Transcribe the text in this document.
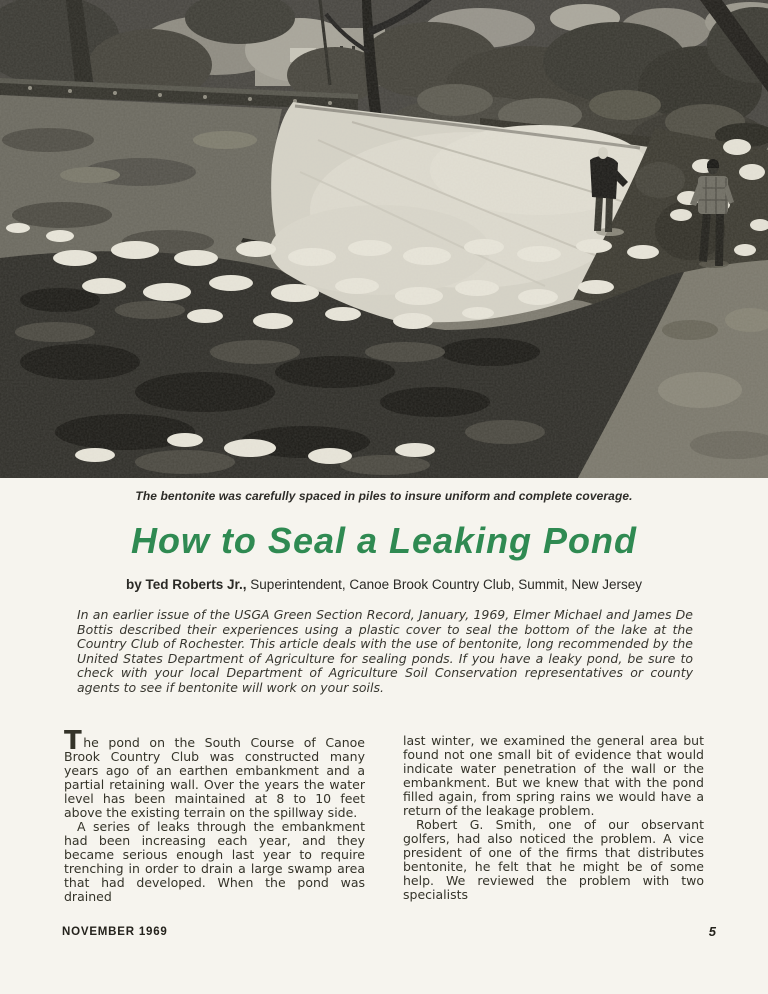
The bentonite was carefully spaced in piles to insure uniform and complete coverage.
How to Seal a Leaking Pond
by Ted Roberts Jr., Superintendent, Canoe Brook Country Club, Summit, New Jersey
In an earlier issue of the USGA Green Section Record, January, 1969, Elmer Michael and James De Bottis described their experiences using a plastic cover to seal the bottom of the lake at the Country Club of Rochester. This article deals with the use of bentonite, long recommended by the United States Department of Agriculture for sealing ponds. If you have a leaky pond, be sure to check with your local Department of Agriculture Soil Conservation representatives or county agents to see if bentonite will work on your soils.

The pond on the South Course of Canoe Brook Country Club was constructed many years ago of an earthen embankment and a partial retaining wall. Over the years the water level has been maintained at 8 to 10 feet above the existing terrain on the spillway side.

A series of leaks through the embankment had been increasing each year, and they became serious enough last year to require trenching in order to drain a large swamp area that had developed. When the pond was drained

last winter, we examined the general area but found not one small bit of evidence that would indicate water penetration of the wall or the embankment. But we knew that with the pond filled again, from spring rains we would have a return of the leakage problem.

Robert G. Smith, one of our observant golfers, had also noticed the problem. A vice president of one of the firms that distributes bentonite, he felt that he might be of some help. We reviewed the problem with two specialists

NOVEMBER 1969	5
